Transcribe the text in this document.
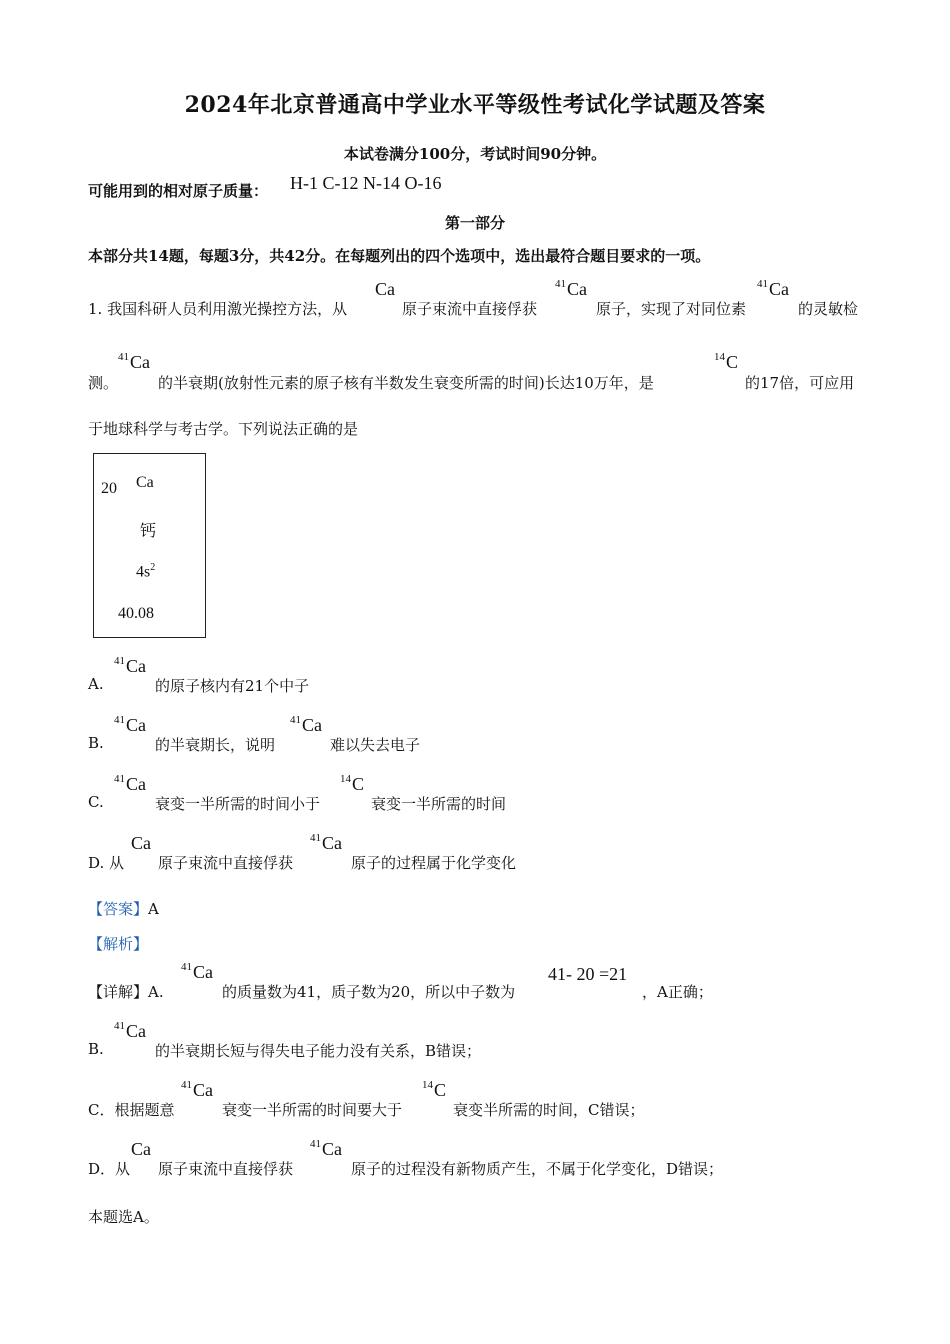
2024年北京普通高中学业水平等级性考试化学试题及答案
本试卷满分100分，考试时间90分钟。
可能用到的相对原子质量： H-1 C-12 N-14 O-16
第一部分
本部分共14题，每题3分，共42分。在每题列出的四个选项中，选出最符合题目要求的一项。
1. 我国科研人员利用激光操控方法，从
Ca
原子束流中直接俘获
$^{41}$Ca
原子，实现了对同位素
$^{41}$Ca
的灵敏检
测。
$^{41}$Ca
的半衰期(放射性元素的原子核有半数发生衰变所需的时间)长达10万年，是
$^{14}$C
的17倍，可应用
于地球科学与考古学。下列说法正确的是
20 Ca
钙
$4s^2$
40.08
A.
$^{41}$Ca
的原子核内有21个中子
B.
$^{41}$Ca
的半衰期长，说明
$^{41}$Ca
难以失去电子
C.
$^{41}$Ca
衰变一半所需的时间小于
$^{14}$C
衰变一半所需的时间
D. 从
Ca
原子束流中直接俘获
$^{41}$Ca
原子的过程属于化学变化
【答案】A
【解析】
【详解】A.
$^{41}$Ca
的质量数为41，质子数为20，所以中子数为
41- 20 =21
，A正确；
B.
$^{41}$Ca
的半衰期长短与得失电子能力没有关系，B错误；
C．根据题意
$^{41}$Ca
衰变一半所需的时间要大于
$^{14}$C
衰变半所需的时间，C错误；
D．从
Ca
原子束流中直接俘获
$^{41}$Ca
原子的过程没有新物质产生，不属于化学变化，D错误；
本题选A。
